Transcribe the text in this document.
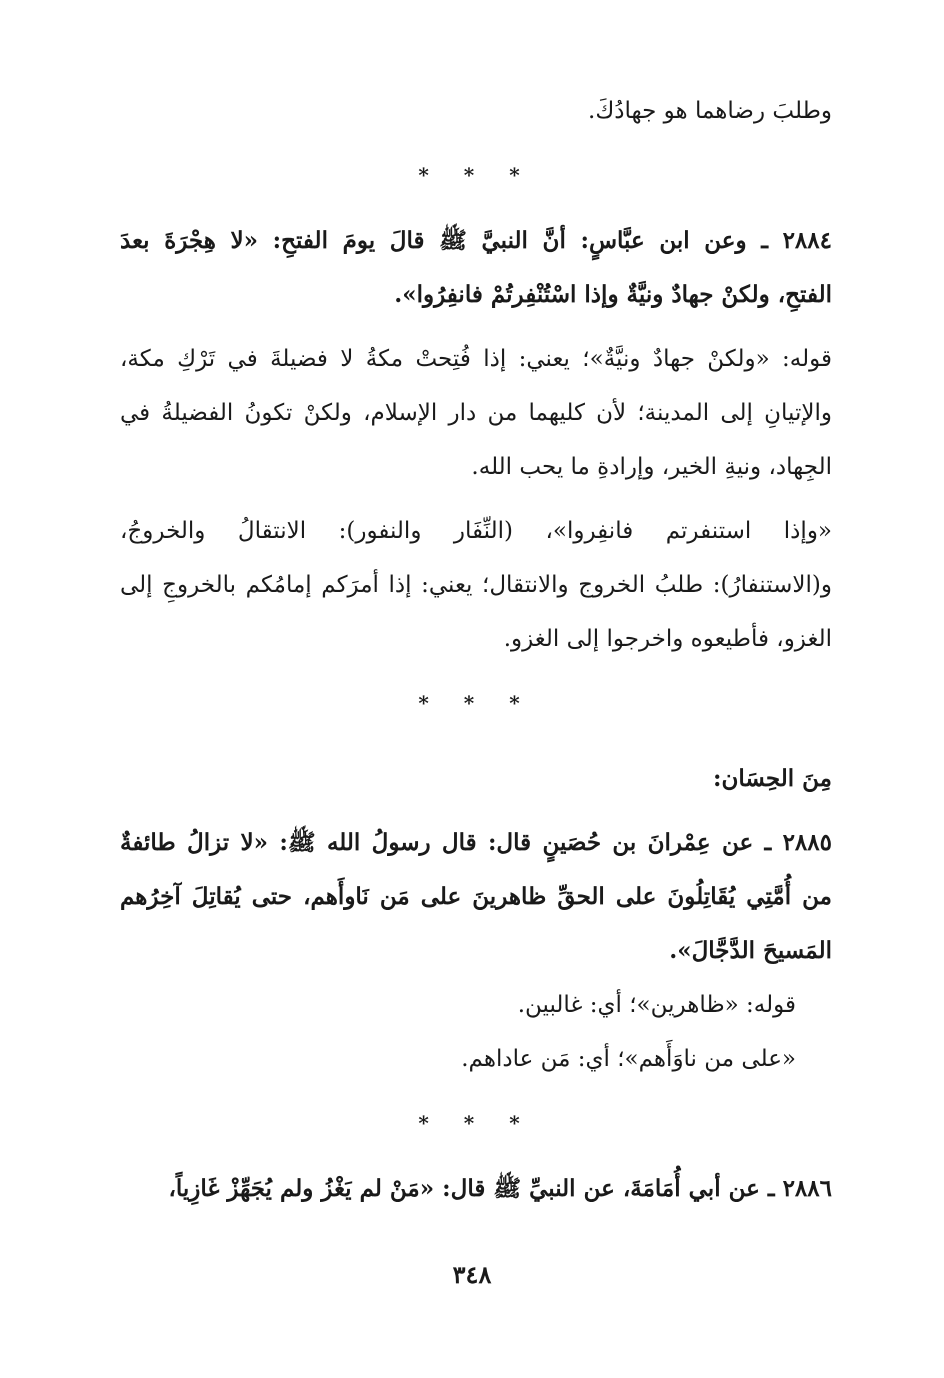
وطلبَ رضاهما هو جهادُكَ.
* * *
٢٨٨٤ ـ وعن ابن عبَّاسٍ: أنَّ النبيَّ ﷺ قالَ يومَ الفتحِ: «لا هِجْرَةَ بعدَ
الفتحِ، ولكنْ جهادٌ ونيَّةٌ وإذا اسْتُنْفِرتُمْ فانفِرُوا».
قوله: «ولكنْ جهادٌ ونيَّةٌ»؛ يعني: إذا فُتِحتْ مكةُ لا فضيلةَ في تَرْكِ مكة،
والإتيانِ إلى المدينة؛ لأن كليهما من دار الإسلام، ولكنْ تكونُ الفضيلةُ في
الجِهاد، ونيةِ الخير، وإرادةِ ما يحب الله.
«وإذا استنفرتم فانفِروا»، (النِّفَار والنفور): الانتقالُ والخروجُ،
و(الاستنفارُ): طلبُ الخروج والانتقال؛ يعني: إذا أمرَكم إمامُكم بالخروجِ إلى
الغزو، فأطيعوه واخرجوا إلى الغزو.
* * *
مِنَ الحِسَان:
٢٨٨٥ ـ عن عِمْرانَ بن حُصَينٍ قال: قال رسولُ الله ﷺ: «لا تزالُ طائفةٌ
من أُمَّتِي يُقَاتِلُونَ على الحقِّ ظاهرينَ على مَن نَاوأَهم، حتى يُقاتِلَ آخِرُهم
المَسيحَ الدَّجَّالَ».
قوله: «ظاهرين»؛ أي: غالبين.
«على من ناوَأَهم»؛ أي: مَن عاداهم.
* * *
٢٨٨٦ ـ عن أبي أُمَامَةَ، عن النبيِّ ﷺ قال: «مَنْ لم يَغْزُ ولم يُجَهِّزْ غَازِياً،
٣٤٨
